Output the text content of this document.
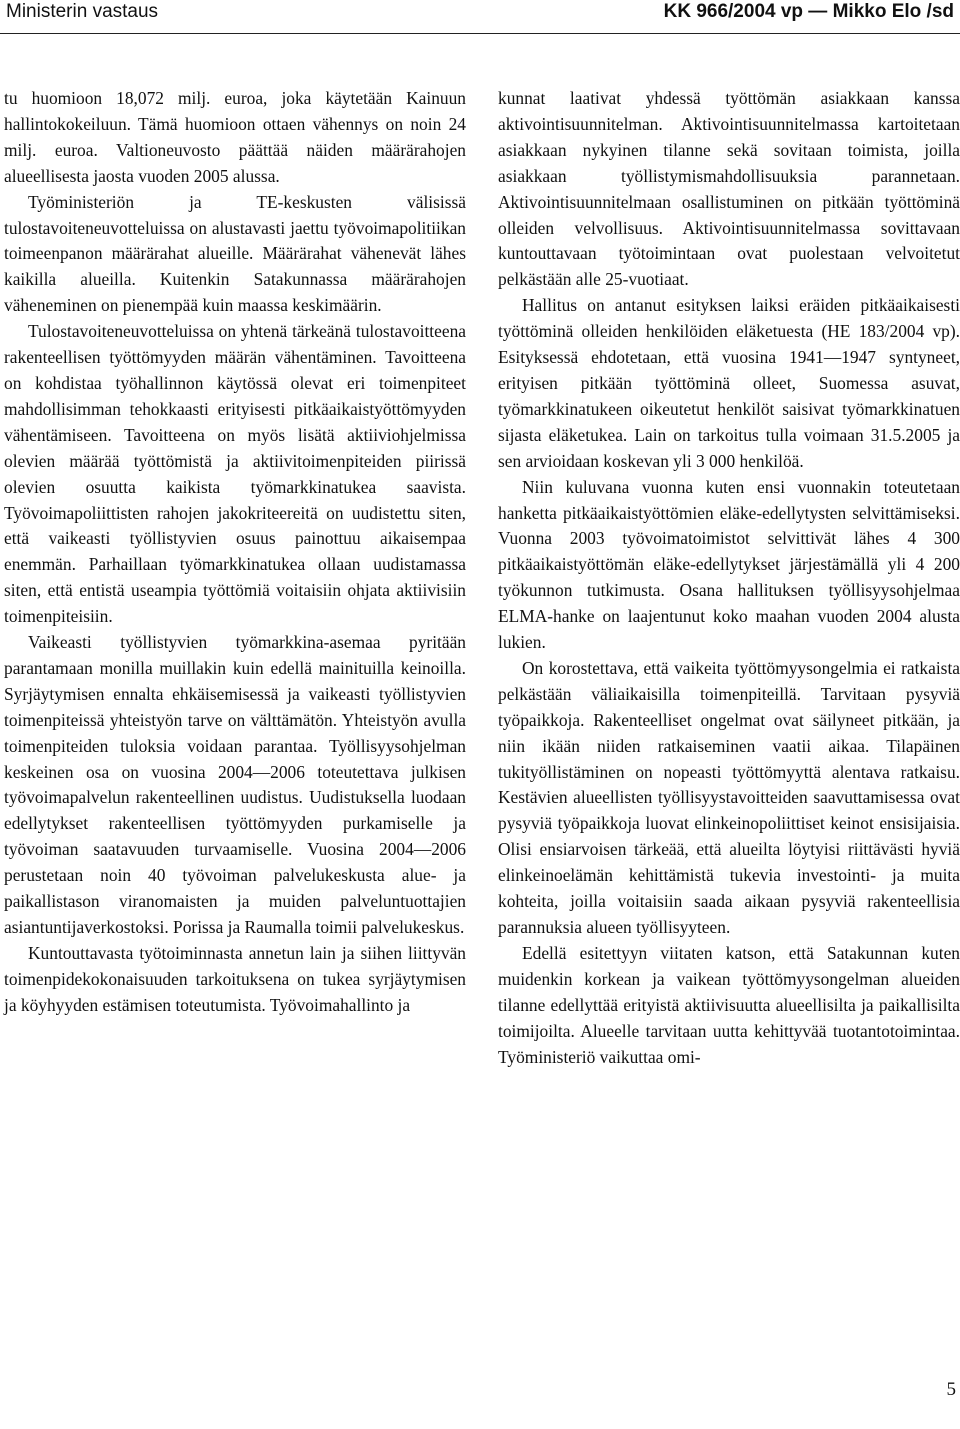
Ministerin vastaus	KK 966/2004 vp — Mikko Elo /sd

tu huomioon 18,072 milj. euroa, joka käytetään Kainuun hallintokokeiluun. Tämä huomioon ottaen vähennys on noin 24 milj. euroa. Valtioneuvosto päättää näiden määrärahojen alueellisesta jaosta vuoden 2005 alussa.

Työministeriön ja TE-keskusten välisissä tulostavoiteneuvotteluissa on alustavasti jaettu työvoimapolitiikan toimeenpanon määrärahat alueille. Määrärahat vähenevät lähes kaikilla alueilla. Kuitenkin Satakunnassa määrärahojen väheneminen on pienempää kuin maassa keskimäärin.

Tulostavoiteneuvotteluissa on yhtenä tärkeänä tulostavoitteena rakenteellisen työttömyyden määrän vähentäminen. Tavoitteena on kohdistaa työhallinnon käytössä olevat eri toimenpiteet mahdollisimman tehokkaasti erityisesti pitkäaikaistyöttömyyden vähentämiseen. Tavoitteena on myös lisätä aktiiviohjelmissa olevien määrää työttömistä ja aktiivitoimenpiteiden piirissä olevien osuutta kaikista työmarkkinatukea saavista. Työvoimapoliittisten rahojen jakokriteereitä on uudistettu siten, että vaikeasti työllistyvien osuus painottuu aikaisempaa enemmän. Parhaillaan työmarkkinatukea ollaan uudistamassa siten, että entistä useampia työttömiä voitaisiin ohjata aktiivisiin toimenpiteisiin.

Vaikeasti työllistyvien työmarkkina-asemaa pyritään parantamaan monilla muillakin kuin edellä mainituilla keinoilla. Syrjäytymisen ennalta ehkäisemisessä ja vaikeasti työllistyvien toimenpiteissä yhteistyön tarve on välttämätön. Yhteistyön avulla toimenpiteiden tuloksia voidaan parantaa. Työllisyysohjelman keskeinen osa on vuosina 2004—2006 toteutettava julkisen työvoimapalvelun rakenteellinen uudistus. Uudistuksella luodaan edellytykset rakenteellisen työttömyyden purkamiselle ja työvoiman saatavuuden turvaamiselle. Vuosina 2004—2006 perustetaan noin 40 työvoiman palvelukeskusta alue- ja paikallistason viranomaisten ja muiden palveluntuottajien asiantuntijaverkostoksi. Porissa ja Raumalla toimii palvelukeskus.

Kuntouttavasta työtoiminnasta annetun lain ja siihen liittyvän toimenpidekokonaisuuden tarkoituksena on tukea syrjäytymisen ja köyhyyden estämisen toteutumista. Työvoimahallinto ja

kunnat laativat yhdessä työttömän asiakkaan kanssa aktivointisuunnitelman. Aktivointisuunnitelmassa kartoitetaan asiakkaan nykyinen tilanne sekä sovitaan toimista, joilla asiakkaan työllistymismahdollisuuksia parannetaan. Aktivointisuunnitelmaan osallistuminen on pitkään työttöminä olleiden velvollisuus. Aktivointisuunnitelmassa sovittavaan kuntouttavaan työtoimintaan ovat puolestaan velvoitetut pelkästään alle 25-vuotiaat.

Hallitus on antanut esityksen laiksi eräiden pitkäaikaisesti työttöminä olleiden henkilöiden eläketuesta (HE 183/2004 vp). Esityksessä ehdotetaan, että vuosina 1941—1947 syntyneet, erityisen pitkään työttöminä olleet, Suomessa asuvat, työmarkkinatukeen oikeutetut henkilöt saisivat työmarkkinatuen sijasta eläketukea. Lain on tarkoitus tulla voimaan 31.5.2005 ja sen arvioidaan koskevan yli 3 000 henkilöä.

Niin kuluvana vuonna kuten ensi vuonnakin toteutetaan hanketta pitkäaikaistyöttömien eläke-edellytysten selvittämiseksi. Vuonna 2003 työvoimatoimistot selvittivät lähes 4 300 pitkäaikaistyöttömän eläke-edellytykset järjestämällä yli 4 200 työkunnon tutkimusta. Osana hallituksen työllisyysohjelmaa ELMA-hanke on laajentunut koko maahan vuoden 2004 alusta lukien.

On korostettava, että vaikeita työttömyysongelmia ei ratkaista pelkästään väliaikaisilla toimenpiteillä. Tarvitaan pysyviä työpaikkoja. Rakenteelliset ongelmat ovat säilyneet pitkään, ja niin ikään niiden ratkaiseminen vaatii aikaa. Tilapäinen tukityöllistäminen on nopeasti työttömyyttä alentava ratkaisu. Kestävien alueellisten työllisyystavoitteiden saavuttamisessa ovat pysyviä työpaikkoja luovat elinkeinopoliittiset keinot ensisijaisia. Olisi ensiarvoisen tärkeää, että alueilta löytyisi riittävästi hyviä elinkeinoelämän kehittämistä tukevia investointi- ja muita kohteita, joilla voitaisiin saada aikaan pysyviä rakenteellisia parannuksia alueen työllisyyteen.

Edellä esitettyyn viitaten katson, että Satakunnan kuten muidenkin korkean ja vaikean työttömyysongelman alueiden tilanne edellyttää erityistä aktiivisuutta alueellisilta ja paikallisilta toimijoilta. Alueelle tarvitaan uutta kehittyvää tuotantotoimintaa. Työministeriö vaikuttaa omi-

5
